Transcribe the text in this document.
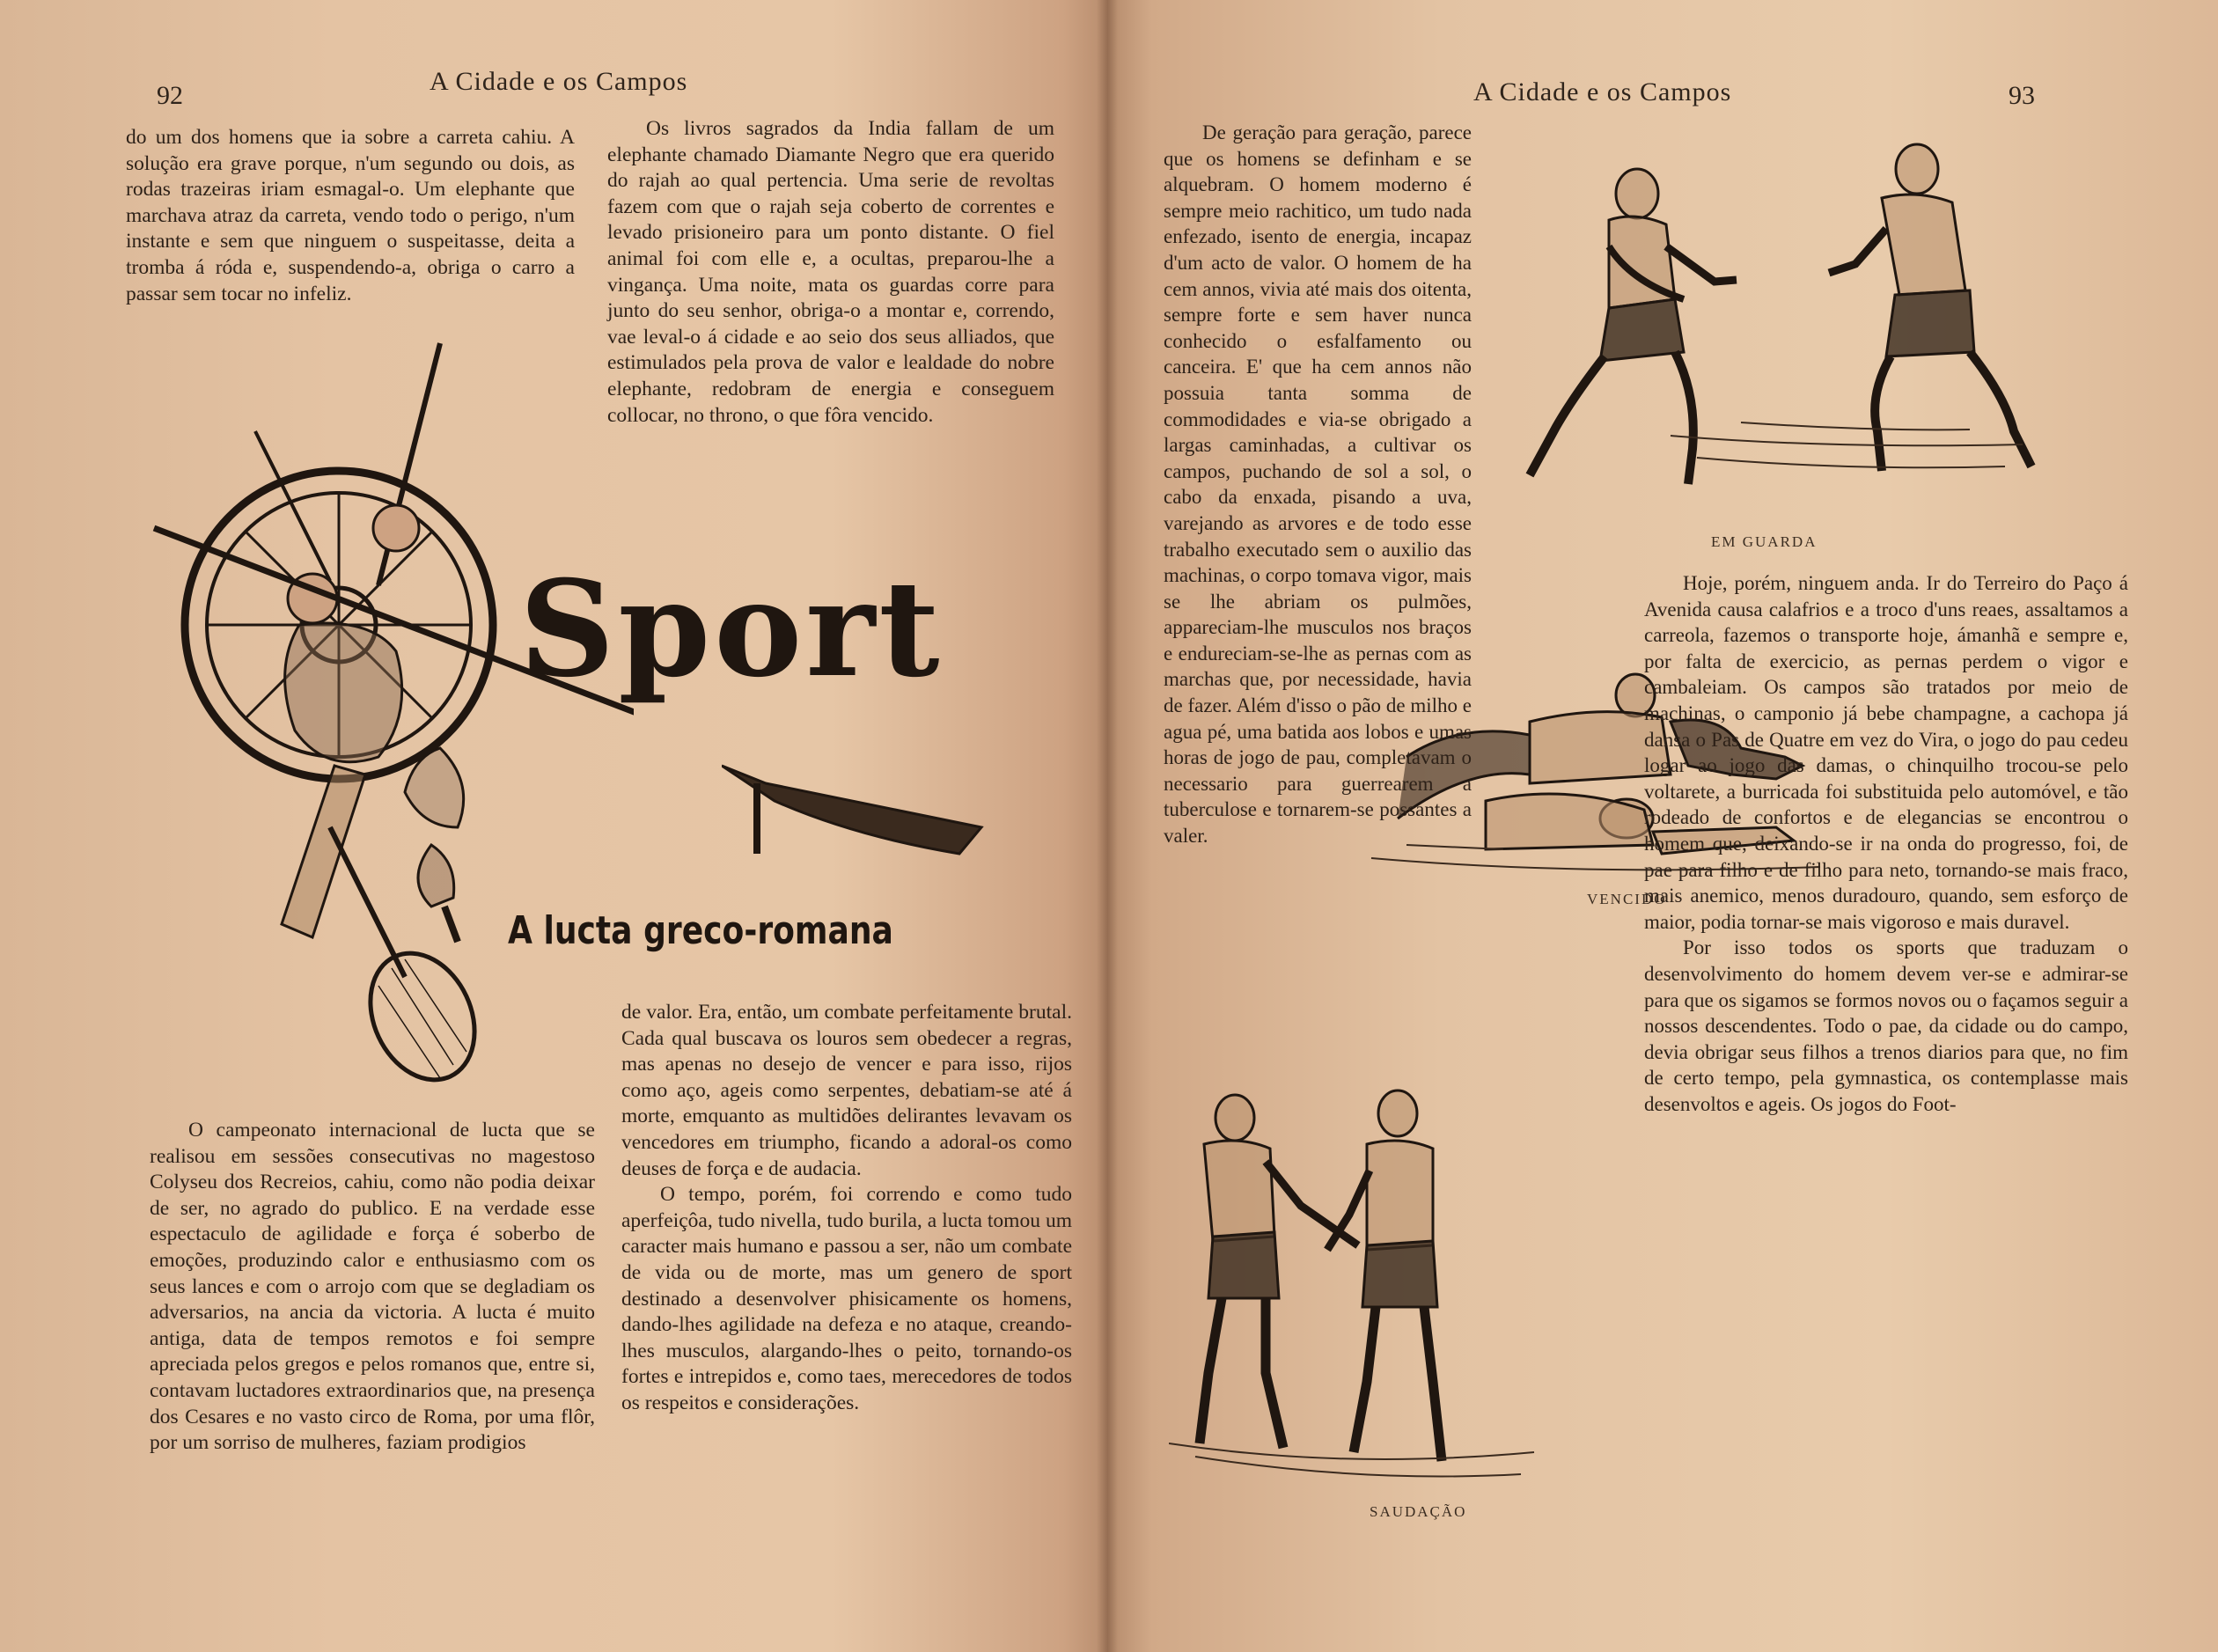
92	A Cidade e os Campos

do um dos homens que ia sobre a carreta cahiu. A solução era grave porque, n'um segundo ou dois, as rodas trazeiras iriam esmagal-o. Um elephante que marchava atraz da carreta, vendo todo o perigo, n'um instante e sem que ninguem o suspeitasse, deita a tromba á róda e, suspendendo-a, obriga o carro a passar sem tocar no infeliz.

Os livros sagrados da India fallam de um elephante chamado Diamante Negro que era querido do rajah ao qual pertencia. Uma serie de revoltas fazem com que o rajah seja coberto de correntes e levado prisioneiro para um ponto distante. O fiel animal foi com elle e, a ocultas, preparou-lhe a vingança. Uma noite, mata os guardas corre para junto do seu senhor, obriga-o a montar e, correndo, vae leval-o á cidade e ao seio dos seus alliados, que estimulados pela prova de valor e lealdade do nobre elephante, redobram de energia e conseguem collocar, no throno, o que fôra vencido.

Sport
A lucta greco-romana

O campeonato internacional de lucta que se realisou em sessões consecutivas no magestoso Colyseu dos Recreios, cahiu, como não podia deixar de ser, no agrado do publico. E na verdade esse espectaculo de agilidade e força é soberbo de emoções, produzindo calor e enthusiasmo com os seus lances e com o arrojo com que se degladiam os adversarios, na ancia da victoria. A lucta é muito antiga, data de tempos remotos e foi sempre apreciada pelos gregos e pelos romanos que, entre si, contavam luctadores extraordinarios que, na presença dos Cesares e no vasto circo de Roma, por uma flôr, por um sorriso de mulheres, faziam prodigios

de valor. Era, então, um combate perfeitamente brutal. Cada qual buscava os louros sem obedecer a regras, mas apenas no desejo de vencer e para isso, rijos como aço, ageis como serpentes, debatiam-se até á morte, emquanto as multidões delirantes levavam os vencedores em triumpho, ficando a adoral-os como deuses de força e de audacia.

O tempo, porém, foi correndo e como tudo aperfeiçôa, tudo nivella, tudo burila, a lucta tomou um caracter mais humano e passou a ser, não um combate de vida ou de morte, mas um genero de sport destinado a desenvolver phisicamente os homens, dando-lhes agilidade na defeza e no ataque, creando-lhes musculos, alargando-lhes o peito, tornando-os fortes e intrepidos e, como taes, merecedores de todos os respeitos e considerações.

A Cidade e os Campos	93
EM GUARDA
VENCIDO
SAUDAÇÃO

De geração para geração, parece que os homens se definham e se alquebram. O homem moderno é sempre meio rachitico, um tudo nada enfezado, isento de energia, incapaz d'um acto de valor. O homem de ha cem annos, vivia até mais dos oitenta, sempre forte e sem haver nunca conhecido o esfalfamento ou canceira. E' que ha cem annos não possuia tanta somma de commodidades e via-se obrigado a largas caminhadas, a cultivar os campos, puchando de sol a sol, o cabo da enxada, pisando a uva, varejando as arvores e de todo esse trabalho executado sem o auxilio das machinas, o corpo tomava vigor, mais se lhe abriam os pulmões, appareciam-lhe musculos nos braços e endureciam-se-lhe as pernas com as marchas que, por necessidade, havia de fazer. Além d'isso o pão de milho e agua pé, uma batida aos lobos e umas horas de jogo de pau, completavam o necessario para guerrearem a tuberculose e tornarem-se possantes a valer.

Hoje, porém, ninguem anda. Ir do Terreiro do Paço á Avenida causa calafrios e a troco d'uns reaes, assaltamos a carreola, fazemos o transporte hoje, ámanhã e sempre e, por falta de exercicio, as pernas perdem o vigor e cambaleiam. Os campos são tratados por meio de machinas, o camponio já bebe champagne, a cachopa já dansa o Pas de Quatre em vez do Vira, o jogo do pau cedeu logar ao jogo das damas, o chinquilho trocou-se pelo voltarete, a burricada foi substituida pelo automóvel, e tão rodeado de confortos e de elegancias se encontrou o homem que, deixando-se ir na onda do progresso, foi, de pae para filho e de filho para neto, tornando-se mais fraco, mais anemico, menos duradouro, quando, sem esforço de maior, podia tornar-se mais vigoroso e mais duravel.

Por isso todos os sports que traduzam o desenvolvimento do homem devem ver-se e admirar-se para que os sigamos se formos novos ou o façamos seguir a nossos descendentes. Todo o pae, da cidade ou do campo, devia obrigar seus filhos a trenos diarios para que, no fim de certo tempo, pela gymnastica, os contemplasse mais desenvoltos e ageis. Os jogos do Foot-
